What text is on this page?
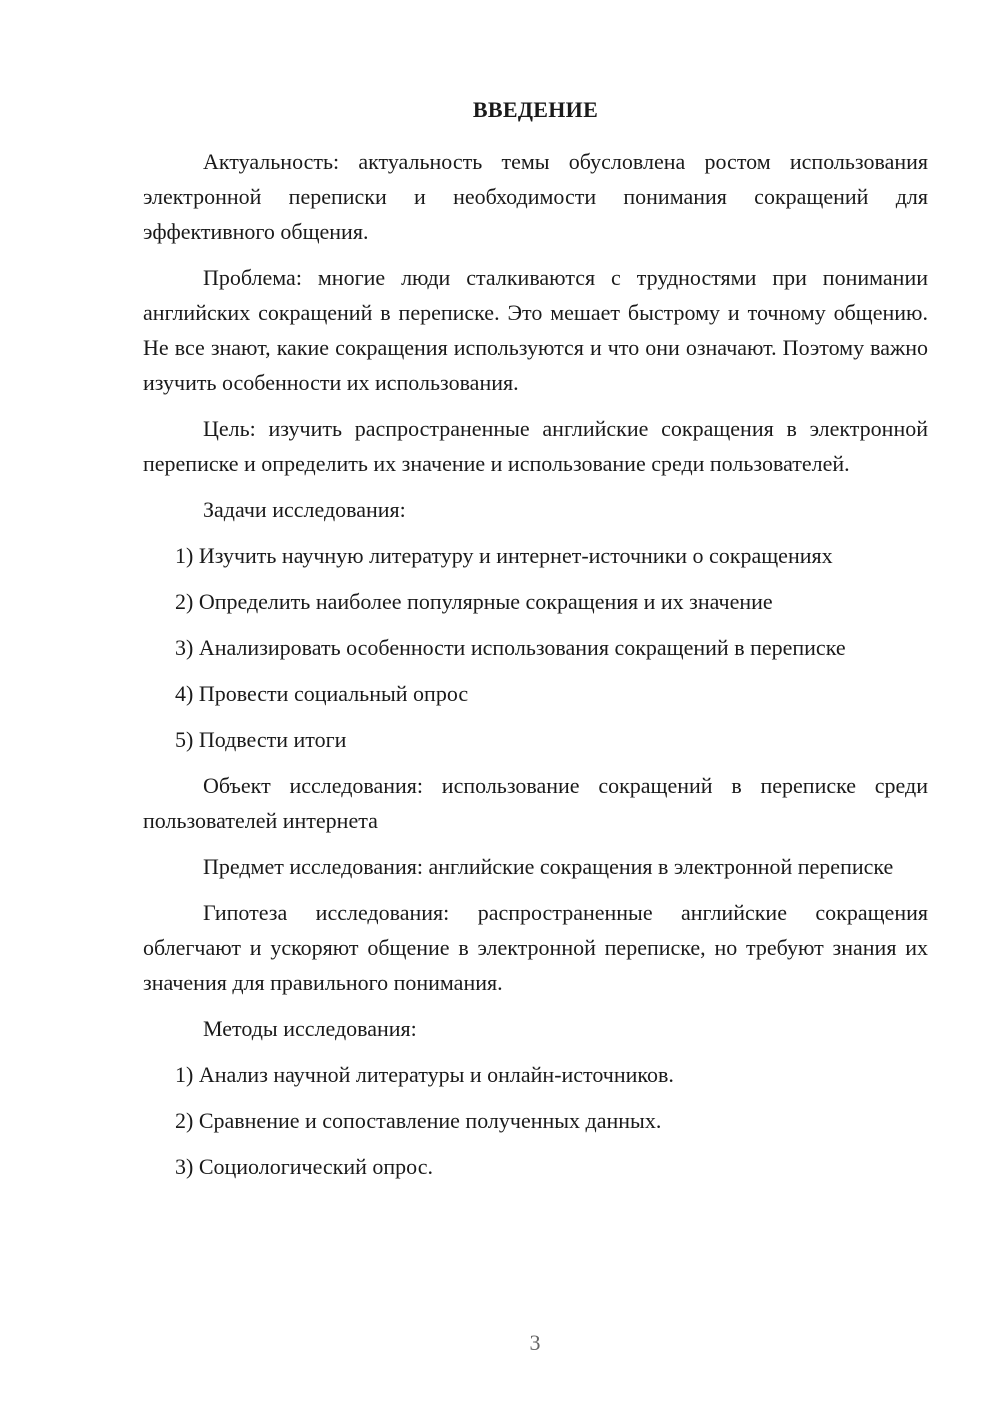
ВВЕДЕНИЕ
Актуальность: актуальность темы обусловлена ростом использования электронной переписки и необходимости понимания сокращений для эффективного общения.
Проблема: многие люди сталкиваются с трудностями при понимании английских сокращений в переписке. Это мешает быстрому и точному общению. Не все знают, какие сокращения используются и что они означают. Поэтому важно изучить особенности их использования.
Цель: изучить распространенные английские сокращения в электронной переписке и определить их значение и использование среди пользователей.
Задачи исследования:
1) Изучить научную литературу и интернет-источники о сокращениях
2) Определить наиболее популярные сокращения и их значение
3) Анализировать особенности использования сокращений в переписке
4) Провести социальный опрос
5) Подвести итоги
Объект исследования: использование сокращений в переписке среди пользователей интернета
Предмет исследования: английские сокращения в электронной переписке
Гипотеза исследования: распространенные английские сокращения облегчают и ускоряют общение в электронной переписке, но требуют знания их значения для правильного понимания.
Методы исследования:
1) Анализ научной литературы и онлайн-источников.
2) Сравнение и сопоставление полученных данных.
3) Социологический опрос.
3
